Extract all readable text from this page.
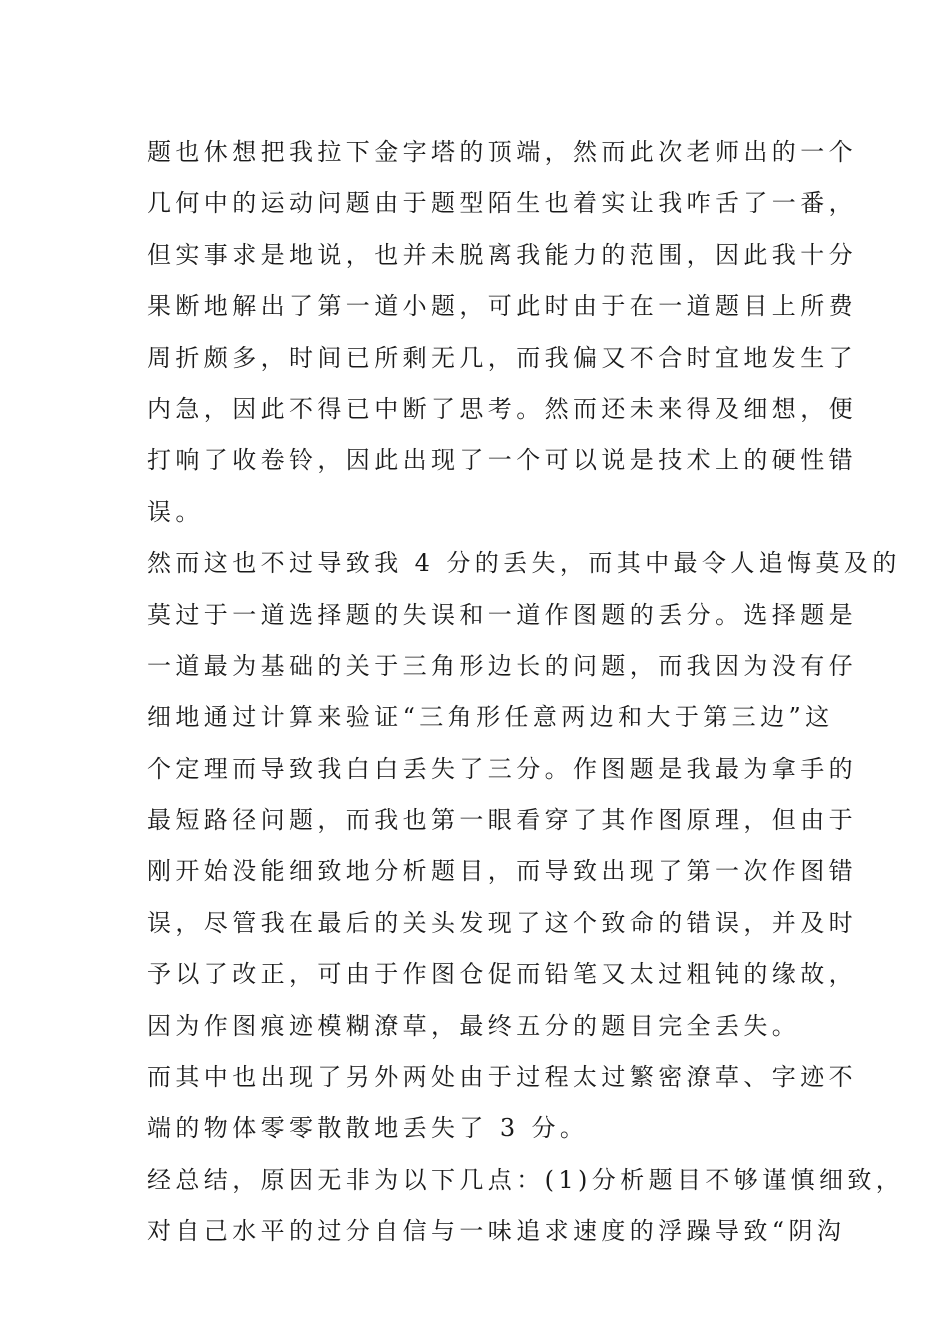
题也休想把我拉下金字塔的顶端，然而此次老师出的一个
几何中的运动问题由于题型陌生也着实让我咋舌了一番，
但实事求是地说，也并未脱离我能力的范围，因此我十分
果断地解出了第一道小题，可此时由于在一道题目上所费
周折颇多，时间已所剩无几，而我偏又不合时宜地发生了
内急，因此不得已中断了思考。然而还未来得及细想，便
打响了收卷铃，因此出现了一个可以说是技术上的硬性错
误。
然而这也不过导致我 4 分的丢失，而其中最令人追悔莫及的
莫过于一道选择题的失误和一道作图题的丢分。选择题是
一道最为基础的关于三角形边长的问题，而我因为没有仔
细地通过计算来验证“三角形任意两边和大于第三边”这
个定理而导致我白白丢失了三分。作图题是我最为拿手的
最短路径问题，而我也第一眼看穿了其作图原理，但由于
刚开始没能细致地分析题目，而导致出现了第一次作图错
误，尽管我在最后的关头发现了这个致命的错误，并及时
予以了改正，可由于作图仓促而铅笔又太过粗钝的缘故，
因为作图痕迹模糊潦草，最终五分的题目完全丢失。
而其中也出现了另外两处由于过程太过繁密潦草、字迹不
端的物体零零散散地丢失了 3 分。
经总结，原因无非为以下几点：(1)分析题目不够谨慎细致，
对自己水平的过分自信与一味追求速度的浮躁导致“阴沟
